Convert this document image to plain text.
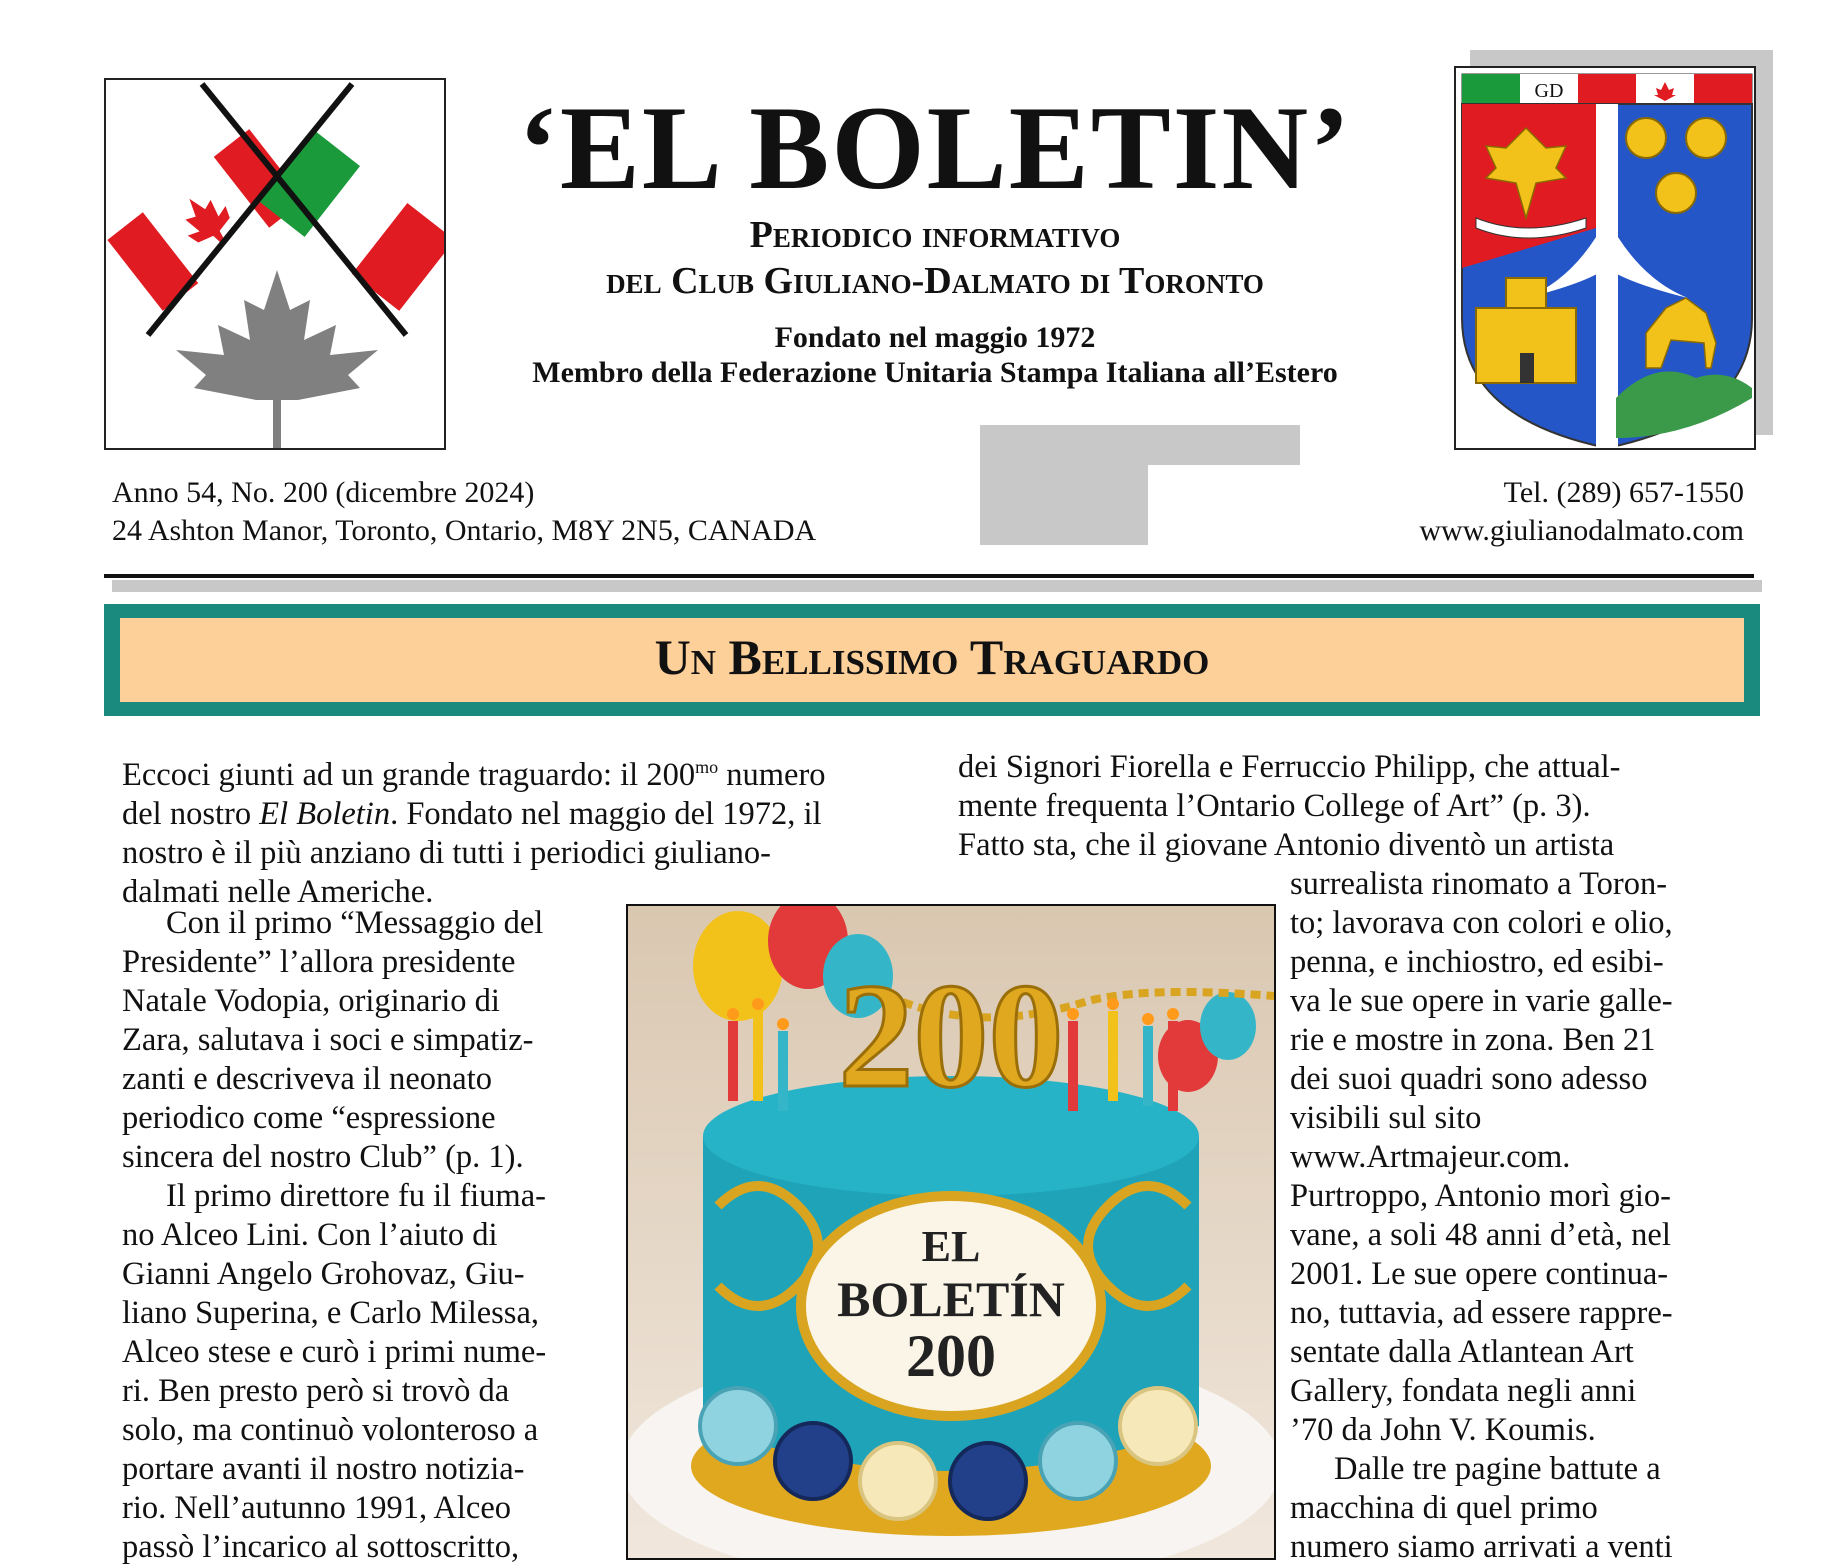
‘EL BOLETIN’
Periodico informativo
del Club Giuliano-Dalmato di Toronto
Fondato nel maggio 1972
Membro della Federazione Unitaria Stampa Italiana all’Estero
GD
Anno 54, No. 200 (dicembre 2024)
24 Ashton Manor, Toronto, Ontario, M8Y 2N5, CANADA
Tel. (289) 657-1550
www.giulianodalmato.com
Un Bellissimo Traguardo

Eccoci giunti ad un grande traguardo: il $200^{mo}$ numero

del nostro El Boletin. Fondato nel maggio del 1972, il

nostro è il più anziano di tutti i periodici giuliano-

dalmati nelle Americhe.

Con il primo “Messaggio del

Presidente” l’allora presidente

Natale Vodopia, originario di

Zara, salutava i soci e simpatiz-

zanti e descriveva il neonato

periodico come “espressione

sincera del nostro Club” (p. 1).

Il primo direttore fu il fiuma-

no Alceo Lini. Con l’aiuto di

Gianni Angelo Grohovaz, Giu-

liano Superina, e Carlo Milessa,

Alceo stese e curò i primi nume-

ri. Ben presto però si trovò da

solo, ma continuò volonteroso a

portare avanti il nostro notizia-

rio. Nell’autunno 1991, Alceo

passò l’incarico al sottoscritto,

dei Signori Fiorella e Ferruccio Philipp, che attual-

mente frequenta l’Ontario College of Art” (p. 3).

Fatto sta, che il giovane Antonio diventò un artista

surrealista rinomato a Toron-

to; lavorava con colori e olio,

penna, e inchiostro, ed esibi-

va le sue opere in varie galle-

rie e mostre in zona. Ben 21

dei suoi quadri sono adesso

visibili sul sito

www.Artmajeur.com.

Purtroppo, Antonio morì gio-

vane, a soli 48 anni d’età, nel

2001. Le sue opere continua-

no, tuttavia, ad essere rappre-

sentate dalla Atlantean Art

Gallery, fondata negli anni

’70 da John V. Koumis.

Dalle tre pagine battute a

macchina di quel primo

numero siamo arrivati a venti

EL
BOLETÍN
200
200
